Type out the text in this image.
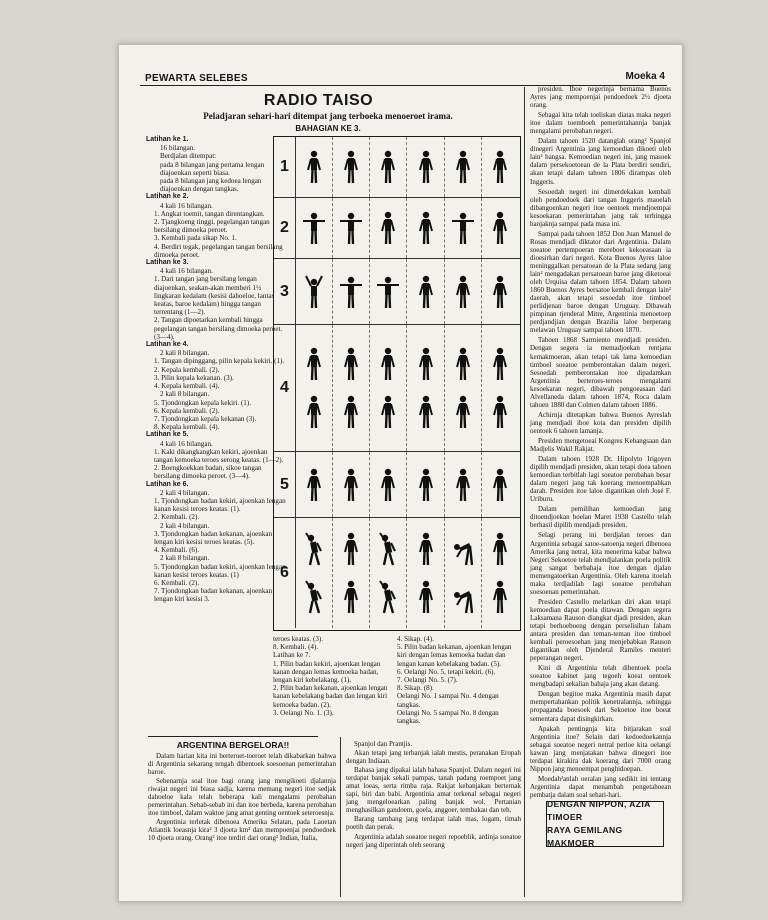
PEWARTA SELEBES	Moeka 4
RADIO TAISO
Peladjaran sehari-hari ditempat jang terboeka menoeroet irama.
BAHAGIAN KE 3.
Latihan ke 1.
16 bilangan.
Berdjalan ditempat:
pada 8 bilangan jang pertama lengan diajoenkan seperti biasa.
pada 8 bilangan jang kedoea lengan diajoenkan dengan tangkas.
Latihan ke 2.
4 kali 16 bilangan.
1. Angkat toemit, tangan direntangkan.
2. Tjangkoeng tinggi, pegelangan tangan bersilang dimoeka peroet.
3. Kembali pada sikap No. 1.
4. Berdiri tegak, pegelangan tangan bersilang dimoeka peroet.
Latihan ke 3.
4 kali 16 bilangan.
1. Dari tangan jang bersilang lengan diajoenkan, seakan-akan memberi 1½ lingkaran kedalam (kesisi dahoeloe, lantas keatas, baroe kedalam) hingga tangan terrentang (1—2).
2. Tangan dipoetarkan kembali hingga pegelangan tangan bersilang dimoeka peroet. (3—4).
Latihan ke 4.
2 kali 8 bilangan.
1. Tangan dipinggang, pilin kepala kekiri. (1).
2. Kepala kembali. (2).
3. Pilin kepala kekanan. (3).
4. Kepala kembali. (4).
2 kali 8 bilangan.
5. Tjondongkan kepala kekiri. (1).
6. Kepala kembali. (2).
7. Tjondongkan kepala kekanan (3).
8. Kepala kembali. (4).
Latihan ke 5.
4 kali 16 bilangan.
1. Kaki dikangkangkan kekiri, ajoenkan tangan kemoeka teroes serong keatas. (1—2).
2. Boengkoekkan badan, sikoe tangan bersilang dimoeka peroet. (3—4).
Latihan ke 6.
2 kali 4 bilangan.
1. Tjondongkan badan kekiri, ajoenkan lengan kanan kesisi teroes keatas. (1).
2. Kembali. (2).
2 kali 4 bilangan.
3. Tjondongkan badan kekanan, ajoenkan lengan kiri kesisi teroes keatas. (5).
4. Kembali. (6).
2 kali 8 bilangan.
5. Tjondongkan badan kekiri, ajoenkan lengan kanan kesisi teroes keatas. (1)
6. Kembali. (2).
7. Tjondongkan badan kekanan, ajoenkan lengan kiri kesisi 3.
1
2
3
4
5
6
teroes keatas. (3).
8. Kembali. (4).
Latihan ke 7.
1. Pilin badan kekiri, ajoenkan lengan kanan dengan lemas kemoeka badan, lengan kiri kebelakang. (1).
2. Pilin badan kekanan, ajoenkan lengan kanan kebelakang badan dan lengan kiri kemoeka badan. (2).
3. Oelangi No. 1. (3).
4. Sikap. (4).
5. Pilin badan kekanan, ajoenkan lengan kiri dengan lemas kemoeka badan dan lengan kanan kebelakang badan. (5).
6. Oelangi No. 5, tetapi kekiri. (6).
7. Oelangi No. 5. (7).
8. Sikap. (8).
Oelangi No. 1 sampai No. 4 dengan tangkas.
Oelangi No. 5 sampai No. 8 dengan tangkas.

presiden. Iboe negerinja bernama Buenos Ayres jang mempoenjai pendoedoek 2½ djoeta orang.

Sebagai kita telah toeliskan diatas maka negeri itoe dalam toemboeh pemerintahannja banjak mengalami perobahan negeri.

Dalam tahoen 1520 datanglah orang² Spanjol dinegeri Argentinia jang kemoedian dikoeti oleh lain² bangsa. Kemoedian negeri ini, jang masoek dalam persekoetoean de la Plata berdiri sendiri, akan tetapi dalam tahoen 1806 dirampas oleh Inggeris.

Sesoedah negeri ini dimerdekakan kembali oleh pendoedoek dari tangan Inggeris maoelah dibangoenkan negeri itoe oentoek mendjoempai kesoekaran pemerintahan jang tak terhingga banjaknja sampai pada masa ini.

Sampai pada tahoen 1852 Don Juan Manuel de Rosas mendjadi diktator dari Argentinia. Dalam soeatoe pertempoeran mereboet kekoeasaan ia dioesirkan dari negeri. Kota Buenos Ayres laloe meninggalkan persatoean de la Plata sedang jang lain² mengadakan persatoean baroe jang diketoeai oleh Urquisa dalam tahoen 1854. Dalam tahoen 1860 Buenos Ayres bersatoe kembali dengan lain² daerah, akan tetapi sesoedah itoe timboel perlidjenan baroe dengan Uruguay. Dibawah pimpinan tjenderal Mitre, Argentinia menoetoep perdjandjian dengan Brazilia laloe berperang melawan Uruguay sampai tahoen 1870.

Tahoen 1868 Sarmiento mendjadi presiden. Dengan segera ia memadjoekan rentjana kemakmoeran, akan tetapi tak lama kemoedian timboel soeatoe pemberontakan dalam negeri. Sesoedah pemberontakan itoe dipadamkan Argentinia berteroes-teroes mengalami kesoekaran negeri, dibawah pengoeasaan dari Alvellaneda dalam tahoen 1874, Roca dalam tahoen 1880 dan Colmen dalam tahoen 1886.

Achirnja ditetapkan bahwa Buenos Ayreslah jang mendjadi iboe kota dan presiden dipilih oentoek 6 tahoen lamanja.

Presiden mengetoeai Kongres Kebangsaan dan Madjelis Wakil Rakjat.

Dalam tahoen 1928 Dr. Hipolyto Irigoyen dipilih mendjadi presiden, akan tetapi doea tahoen kemoedian terbitlah lagi soeatoe perobahan besar dalam negeri jang tak koerang menoempahkan darah. Presiden itoe laloe digantikan oleh José F. Uriburu.

Dalam pemilihan kemoedian jang ditoendjoekan boelan Maret 1938 Castello telah berhasil dipilih mendjadi presiden.

Selagi perang ini berdjalan teroes dan Argentinia sebagai satoe-satoenja negeri dibenoea Amerika jang netral, kita menerima kabar bahwa Negeri Sekoetoe telah mendjalankan poela politik jang sangat berbahaja itoe dengan djalan memengatoerkan Argentinia. Oleh karena itoelah maka terdjadilah lagi soeatoe perobahan soesoenan pemerintahan.

Presiden Castello melarikan diri akan tetapi kemoedian dapat poela ditawan. Dengan segera Laksamana Rauson diangkat djadi presiden, akan tetapi berhoeboeng dengan perselisihan faham antara presiden dan teman-teman itoe timboel kembali peroesoehan jang menjebabkan Rauson digantikan oleh Djenderal Ramiles menteri peperangan negeri.

Kini di Argentinia telah dibentoek poela soeatoe kabinet jang tegoeh koeat oentoek mengbadapi sekalian bahaja jang akan datang.

Dengan begitoe maka Argentinia masih dapat mempertahankan politik kenetralannja, sehingga propaganda boesoek dari Sekoetoe itoe boeat sementara dapat disingkirkan.

Apakah pentingnja kita bitjarakan soal Argentinia itoe? Selain dari kedoedoekannja sebagai soeatoe negeri netral perloe kita oelangi kawan jang menjatakan bahwa dinegeri itoe terdapat kirakira dak koerang dari 7000 orang Nippon jang menoempat penghidoepan.

Moedah²anlah oeralan jang sedikit ini tentang Argentinia dapat menambah pengetahoean pembatja dalam soal sehari-hari.

DENGAN NIPPON, AZIA TIMOER
RAYA GEMILANG MAKMOER
ARGENTINA BERGELORA!!

Dalam harian kita ini berteroet-toeroet telah dikabarkan bahwa di Argentinia sekarang tengah dibentoek soesoenan pemerintahan baroe.

Sebenarnja soal itoe bagi orang jang mengikoeti djalannja riwajat negeri ini biasa sadja, karena memang negeri itoe sedjak dahoeloe kala telah beberapa kali mengalami perobahan pemerintahan. Sebab-sebab ini dan itoe berbeda, karena perobahan itoe timboel, dalam waktoe jang amat genting oentoek seteroesnja.

Argentinia terletak dibenoea Amerika Selatan, pada Laoetan Atlantik loeasnja kira² 3 djoeta km² dan mempoenjai pendoedoek 10 djoeta orang. Orang² itoe terdiri dari orang² Indian, Italia,

Spanjol dan Prantjis.

Akan tetapi jang terbanjak ialah mestis, peranakan Eropah dengan Indiaan.

Bahasa jang dipakai ialah bahasa Spanjol. Dalam negeri ini terdapat banjak sekali pampas, tanah padang roempoet jang amat loeas, serta rimba raja. Rakjat kebanjakan berternak sapi, biri dan babi. Argentinia amat terkenal sebagai negeri jang mengeloearkan paling banjak wol. Pertanian menghasilkan gandoem, goela, anggoer, tembakau dan teh.

Barang tambang jang terdapat ialah mas, logam, timah poetih dan perak.

Argentinia adalah soeatoe negeri repoeblik, ardinja soeatoe negeri jang diperintah oleh seorang
